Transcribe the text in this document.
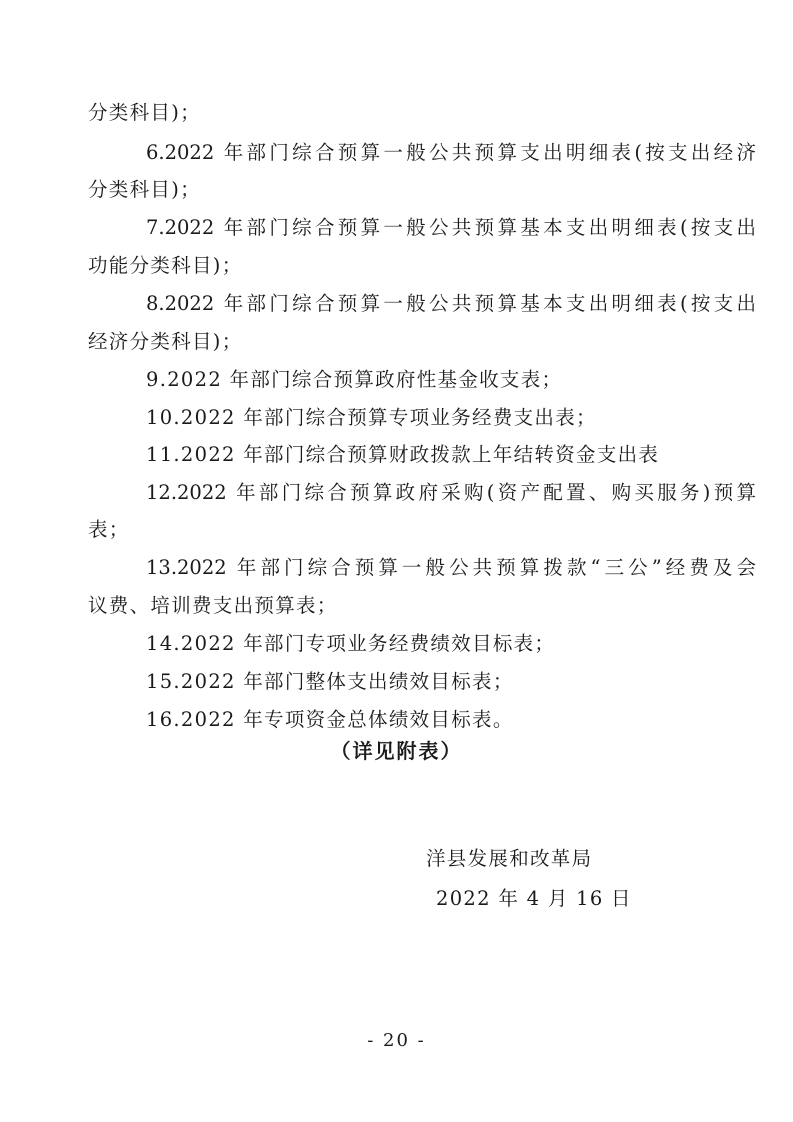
分类科目)；
6.2022 年部门综合预算一般公共预算支出明细表(按支出经济
分类科目)；
7.2022 年部门综合预算一般公共预算基本支出明细表(按支出
功能分类科目)；
8.2022 年部门综合预算一般公共预算基本支出明细表(按支出
经济分类科目)；
9.2022 年部门综合预算政府性基金收支表；
10.2022 年部门综合预算专项业务经费支出表；
11.2022 年部门综合预算财政拨款上年结转资金支出表
12.2022 年部门综合预算政府采购(资产配置、购买服务)预算
表；
13.2022 年部门综合预算一般公共预算拨款“三公”经费及会
议费、培训费支出预算表；
14.2022 年部门专项业务经费绩效目标表；
15.2022 年部门整体支出绩效目标表；
16.2022 年专项资金总体绩效目标表。
（详见附表）
洋县发展和改革局
2022 年 4 月 16 日
- 20 -
